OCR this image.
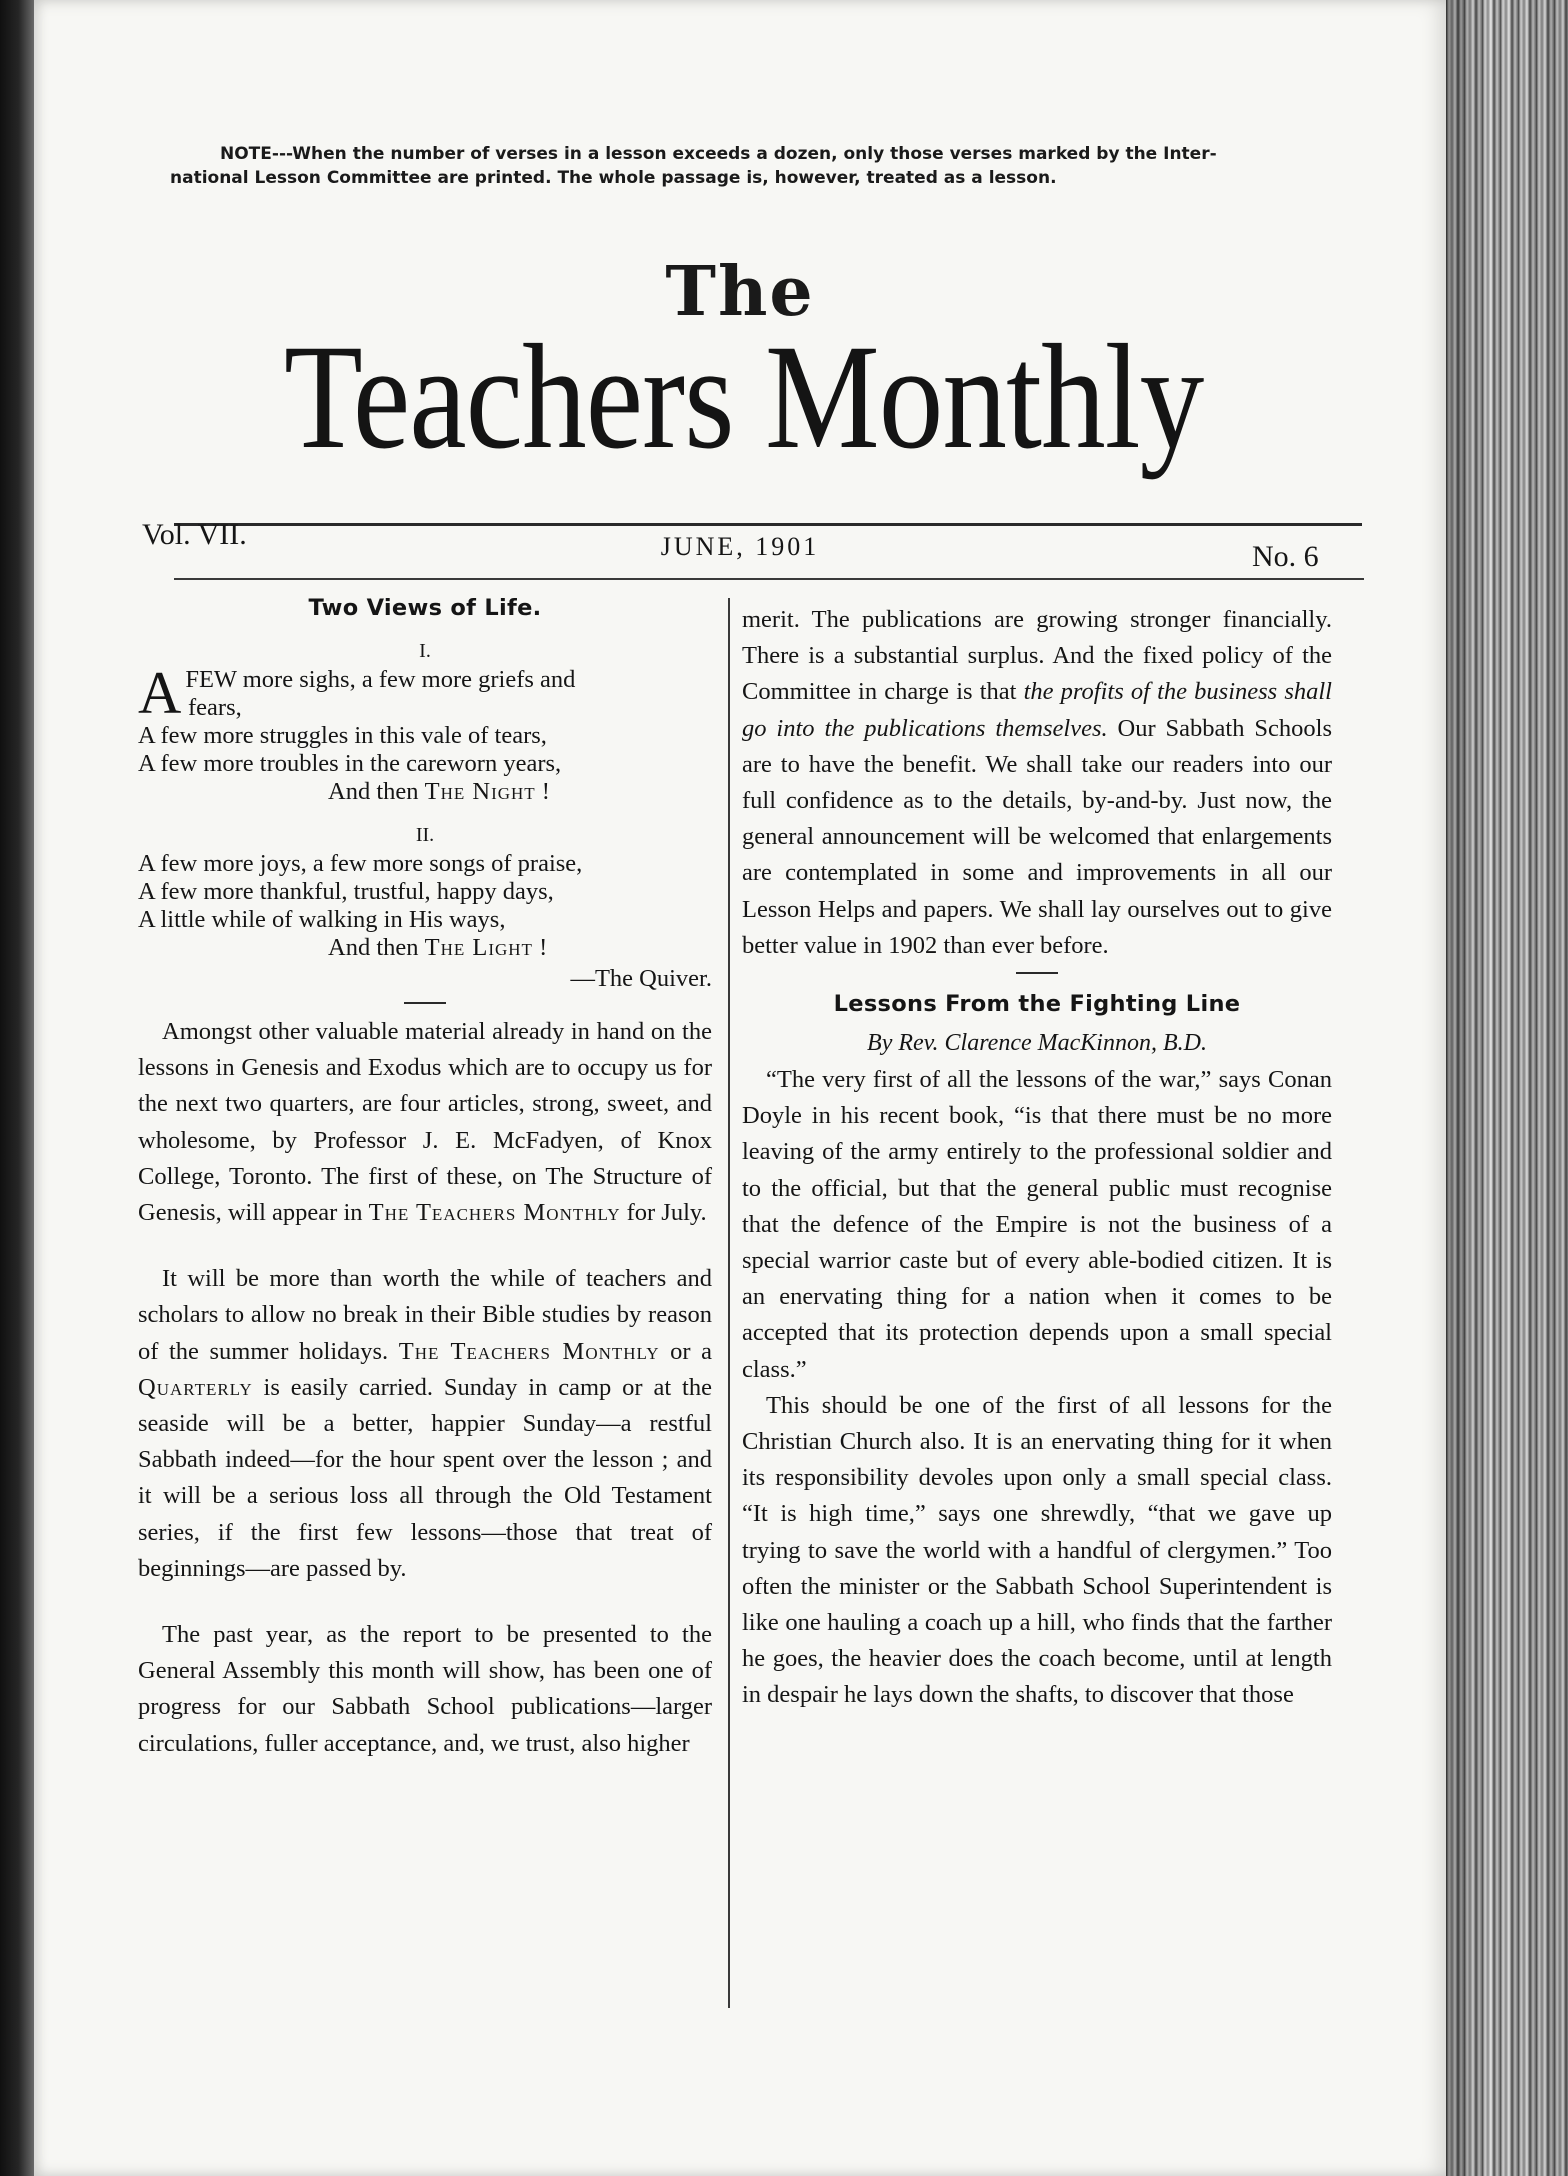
NOTE---When the number of verses in a lesson exceeds a dozen, only those verses marked by the Inter-
national Lesson Committee are printed. The whole passage is, however, treated as a lesson.
The
Teachers Monthly
Vol. VII.	JUNE, 1901	No. 6
Two Views of Life.
I.
A FEW more sighs, a few more griefs and
fears,
A few more struggles in this vale of tears,
A few more troubles in the careworn years,
And then The Night !
II.
A few more joys, a few more songs of praise,
A few more thankful, trustful, happy days,
A little while of walking in His ways,
And then The Light !
—The Quiver.

Amongst other valuable material already in hand on the lessons in Genesis and Exodus which are to occupy us for the next two quarters, are four articles, strong, sweet, and wholesome, by Professor J. E. McFadyen, of Knox College, Toronto. The first of these, on The Structure of Genesis, will appear in The Teachers Monthly for July.

It will be more than worth the while of teachers and scholars to allow no break in their Bible studies by reason of the summer holidays. The Teachers Monthly or a Quarterly is easily carried. Sunday in camp or at the seaside will be a better, happier Sunday—a restful Sabbath indeed—for the hour spent over the lesson ; and it will be a serious loss all through the Old Testament series, if the first few lessons—those that treat of beginnings—are passed by.

The past year, as the report to be presented to the General Assembly this month will show, has been one of progress for our Sabbath School publications—larger circulations, fuller acceptance, and, we trust, also higher

merit. The publications are growing stronger financially. There is a substantial surplus. And the fixed policy of the Committee in charge is that the profits of the business shall go into the publications themselves. Our Sabbath Schools are to have the benefit. We shall take our readers into our full confidence as to the details, by-and-by. Just now, the general announcement will be welcomed that enlargements are contemplated in some and improvements in all our Lesson Helps and papers. We shall lay ourselves out to give better value in 1902 than ever before.

Lessons From the Fighting Line
By Rev. Clarence MacKinnon, B.D.

“The very first of all the lessons of the war,” says Conan Doyle in his recent book, “is that there must be no more leaving of the army entirely to the professional soldier and to the official, but that the general public must recognise that the defence of the Empire is not the business of a special warrior caste but of every able-bodied citizen. It is an enervating thing for a nation when it comes to be accepted that its protection depends upon a small special class.”

This should be one of the first of all lessons for the Christian Church also. It is an enervating thing for it when its responsibility devoles upon only a small special class. “It is high time,” says one shrewdly, “that we gave up trying to save the world with a handful of clergymen.” Too often the minister or the Sabbath School Superintendent is like one hauling a coach up a hill, who finds that the farther he goes, the heavier does the coach become, until at length in despair he lays down the shafts, to discover that those
